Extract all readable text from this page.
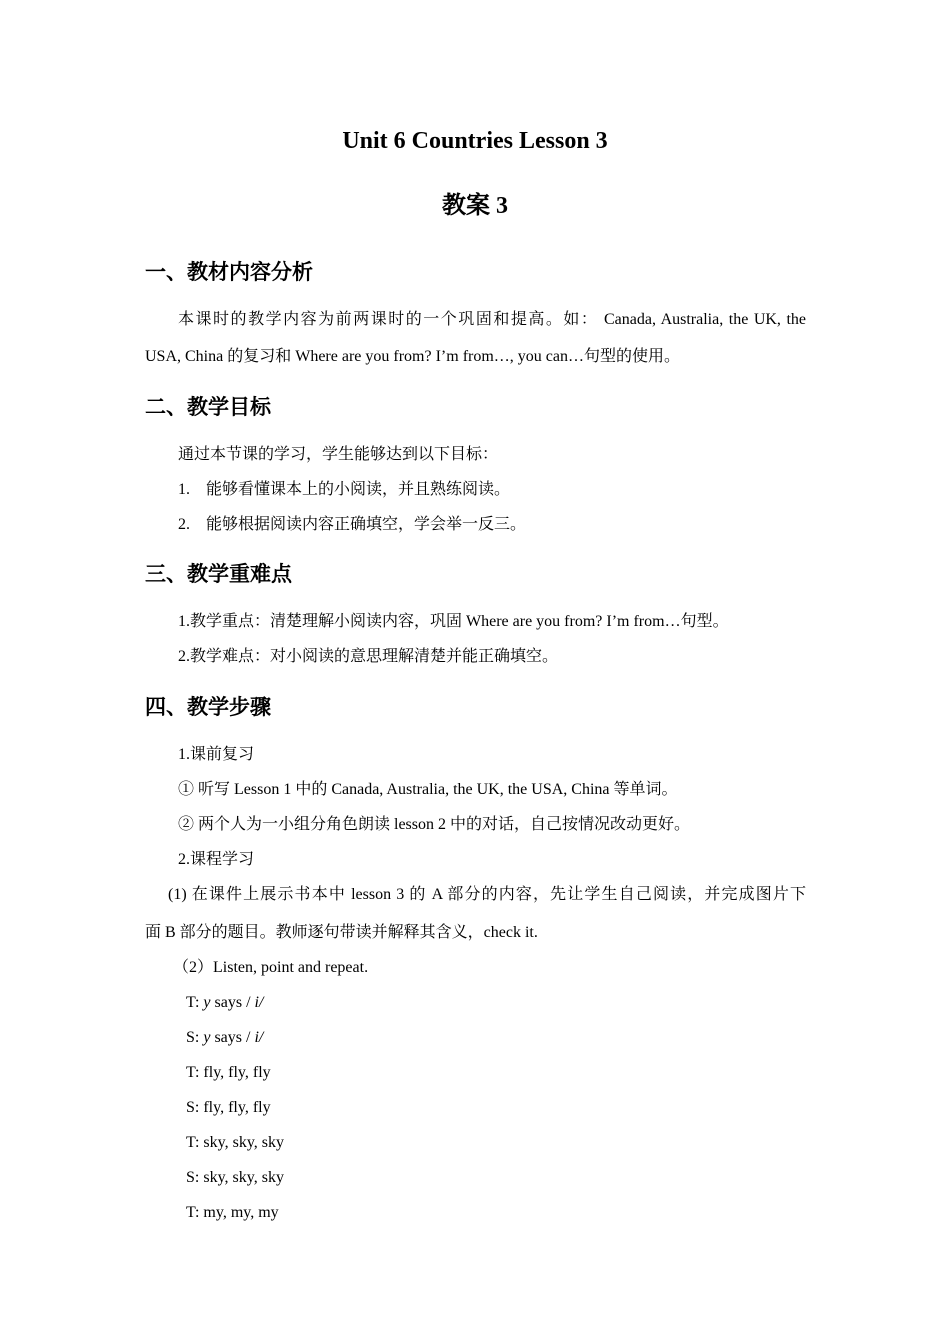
Unit 6 Countries Lesson 3
教案 3
一、教材内容分析
本课时的教学内容为前两课时的一个巩固和提高。如： Canada, Australia, the UK, the
USA, China 的复习和 Where are you from? I’m from…, you can…句型的使用。
二、教学目标
通过本节课的学习，学生能够达到以下目标：
1. 能够看懂课本上的小阅读，并且熟练阅读。
2. 能够根据阅读内容正确填空，学会举一反三。
三、教学重难点
1.教学重点：清楚理解小阅读内容，巩固 Where are you from? I’m from…句型。
2.教学难点：对小阅读的意思理解清楚并能正确填空。
四、教学步骤
1.课前复习
① 听写 Lesson 1 中的 Canada, Australia, the UK, the USA, China 等单词。
② 两个人为一小组分角色朗读 lesson 2 中的对话，自己按情况改动更好。
2.课程学习
(1) 在课件上展示书本中 lesson 3 的 A 部分的内容，先让学生自己阅读，并完成图片下
面 B 部分的题目。教师逐句带读并解释其含义，check it.
（2）Listen, point and repeat.
T: y says / i/
S: y says / i/
T: fly, fly, fly
S: fly, fly, fly
T: sky, sky, sky
S: sky, sky, sky
T: my, my, my
